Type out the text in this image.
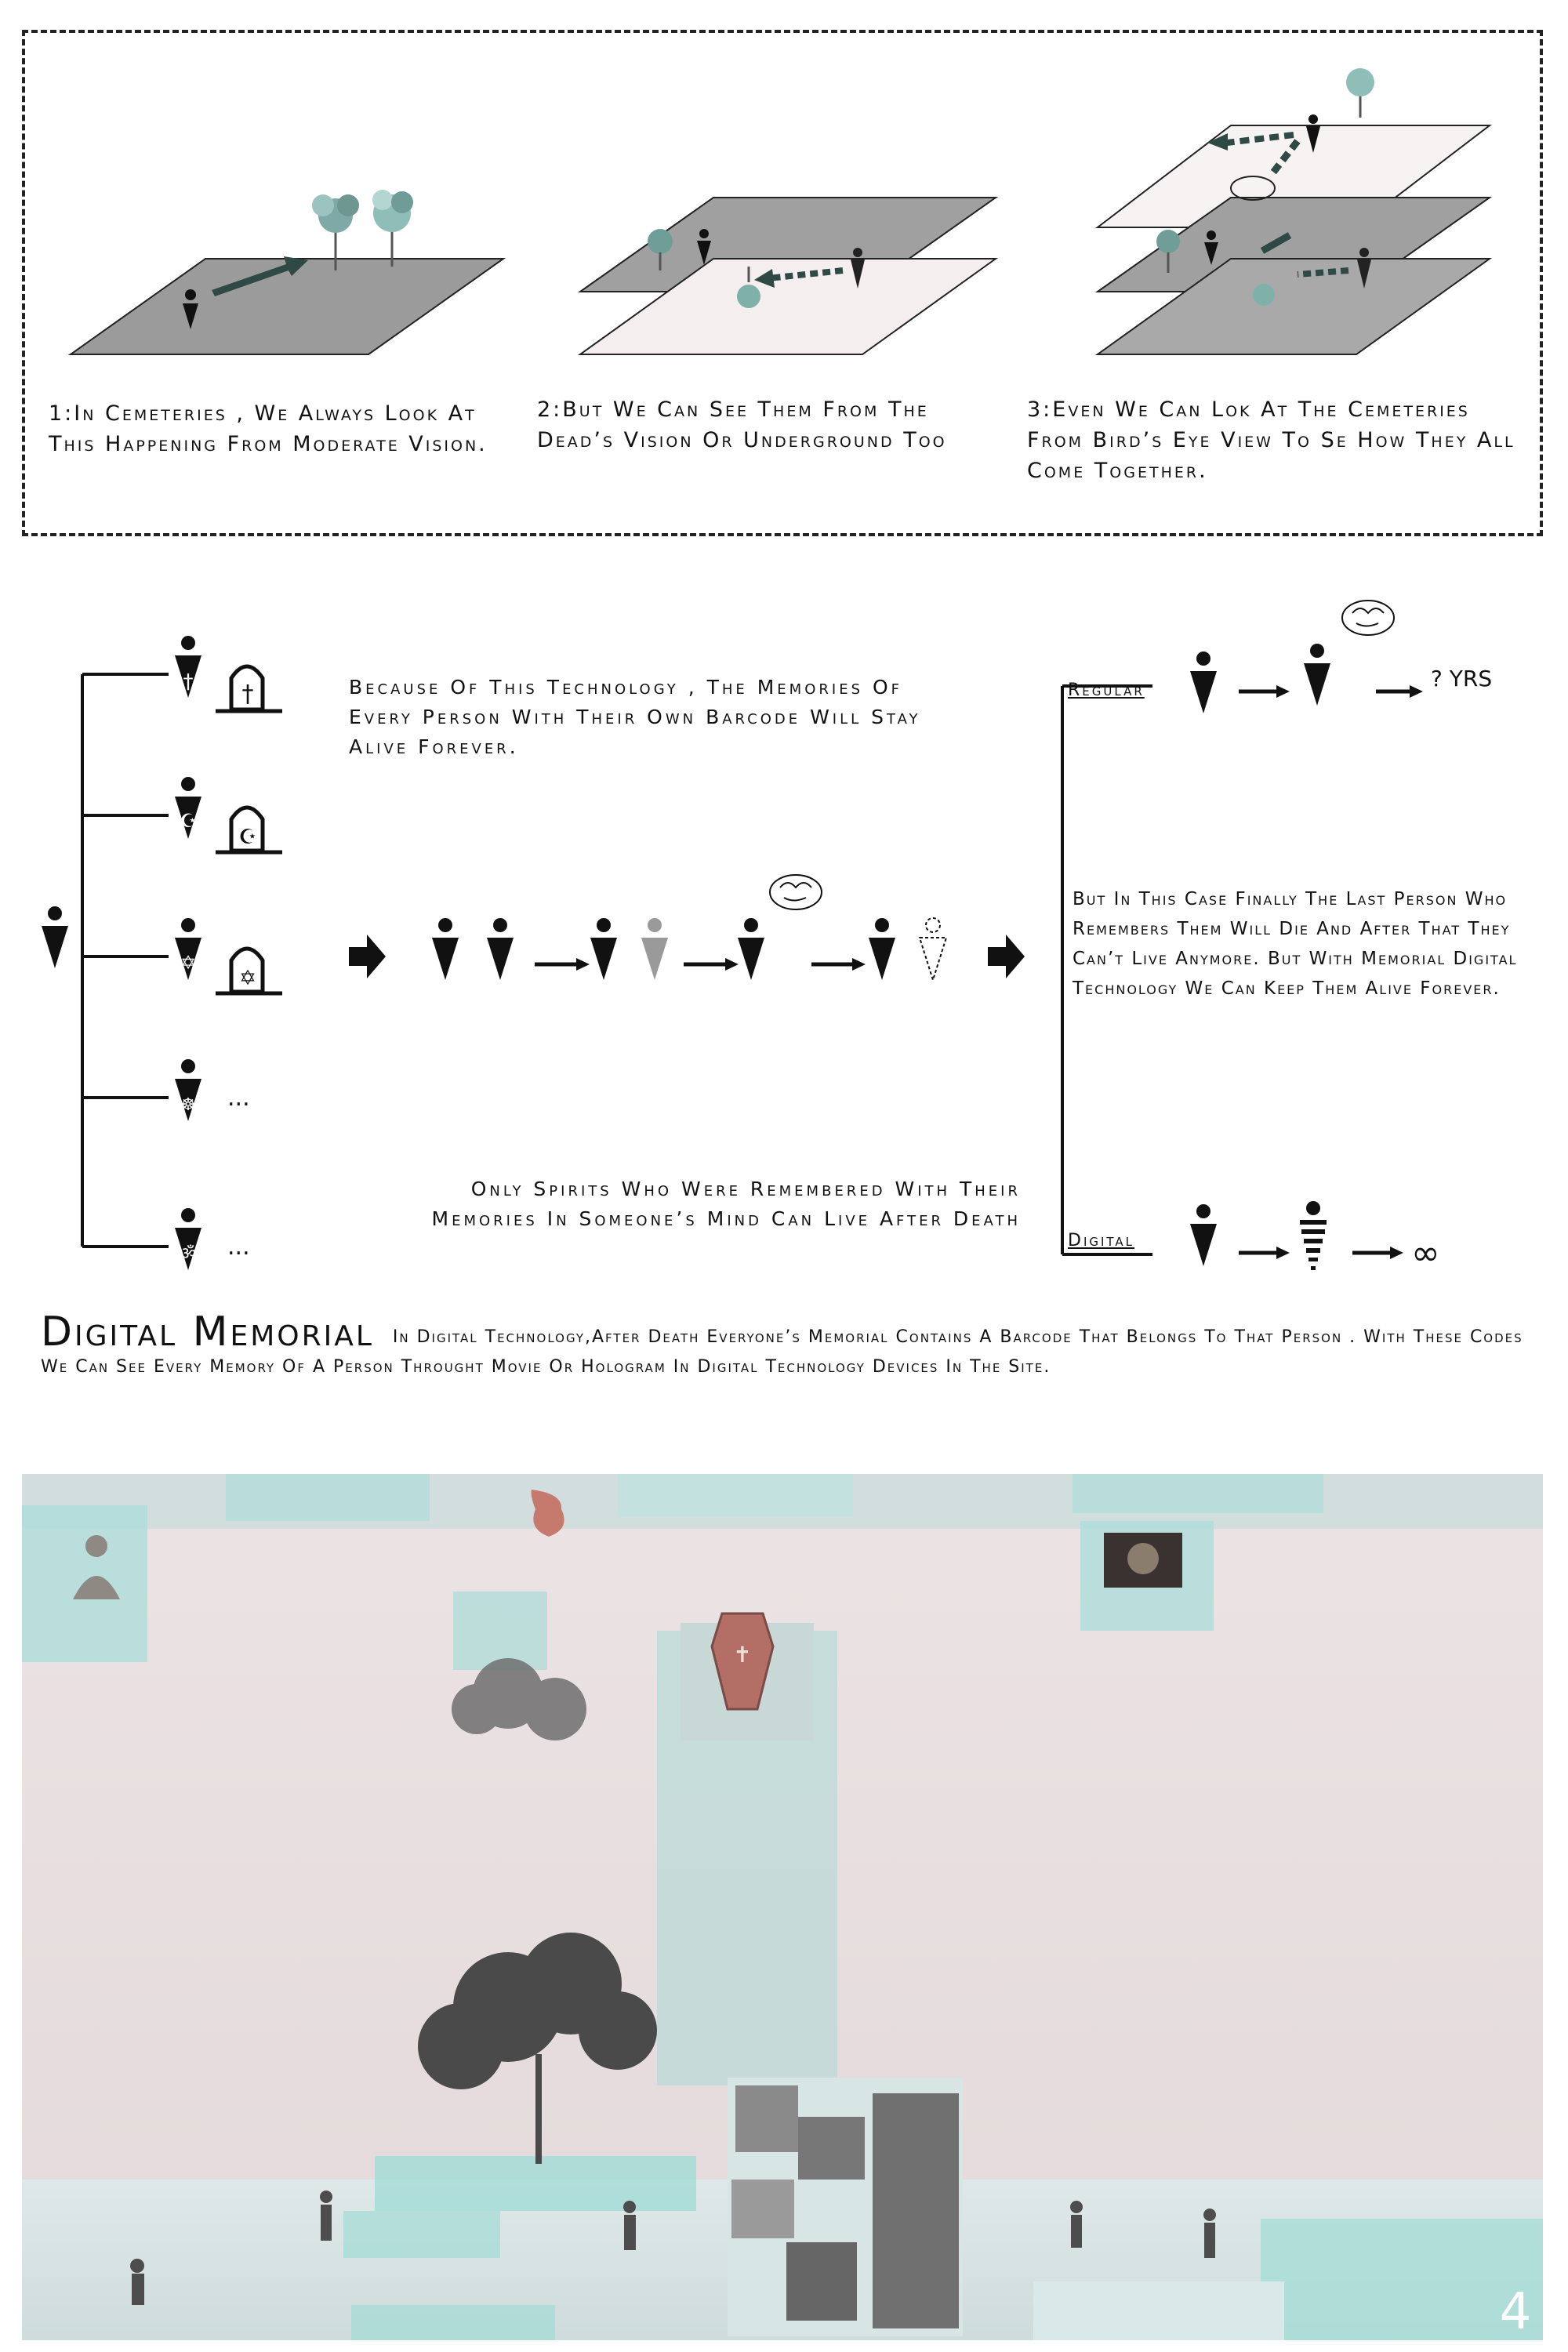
1:In Cemeteries , We Always Look At This Happening From Moderate Vision.
2:But We Can See Them From The Dead’s Vision Or Underground Too
3:Even We Can Lok At The Cemeteries From Bird’s Eye View To Se How They All Come Together.
† †
☪
☪
✡
✡
☸ ...
ॐ ...
? YRS
∞
Because Of This Technology , The Memories Of Every Person With Their Own Barcode Will Stay Alive Forever.
Only Spirits Who Were Remembered With Their Memories In Someone’s Mind Can Live After Death
Regular
Digital
But In This Case Finally The Last Person Who Remembers Them Will Die And After That They Can’t Live Anymore. But With Memorial Digital Technology We Can Keep Them Alive Forever.
Digital Memorial In Digital Technology,After Death Everyone’s Memorial Contains A Barcode That Belongs To That Person . With These Codes We Can See Every Memory Of A Person Throught Movie Or Hologram In Digital Technology Devices In The Site.
✝
4
